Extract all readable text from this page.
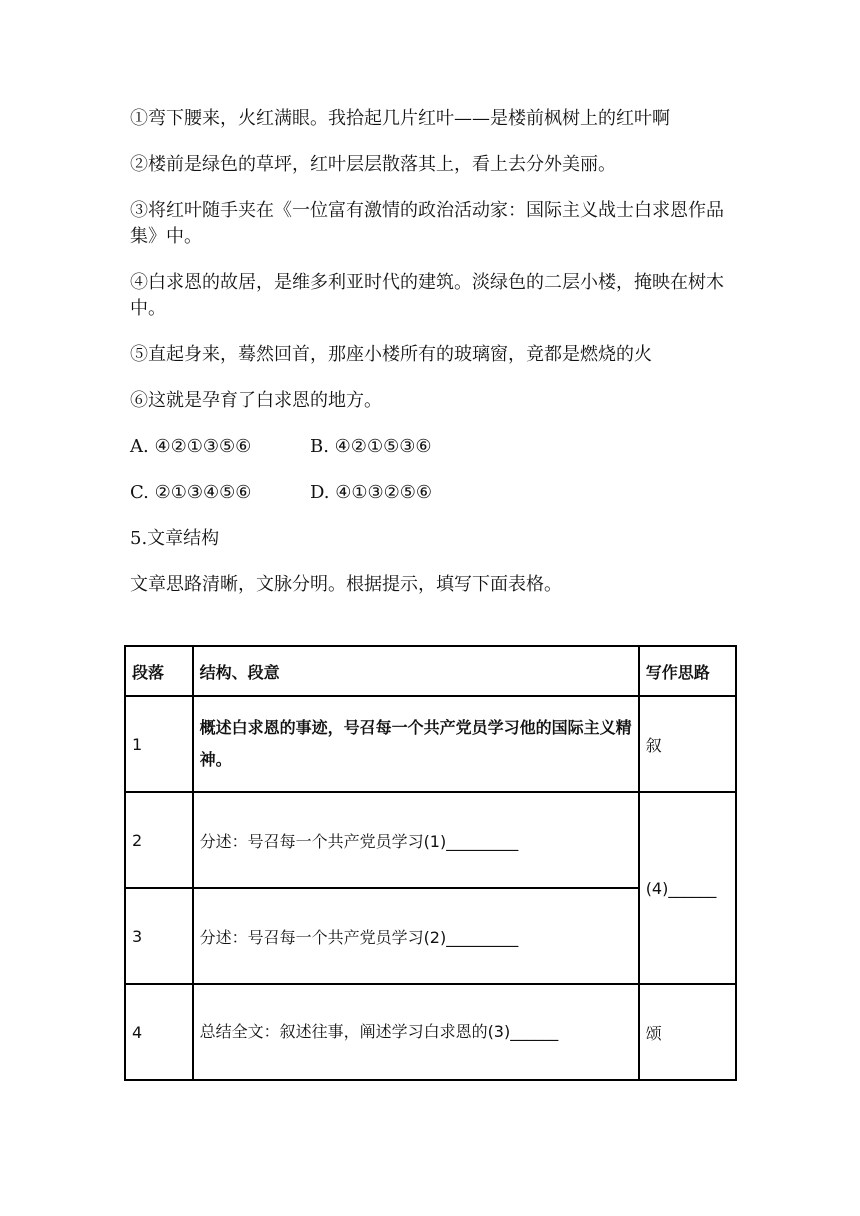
①弯下腰来，火红满眼。我拾起几片红叶——是楼前枫树上的红叶啊
②楼前是绿色的草坪，红叶层层散落其上，看上去分外美丽。
③将红叶随手夹在《一位富有激情的政治活动家：国际主义战士白求恩作品集》中。
④白求恩的故居，是维多利亚时代的建筑。淡绿色的二层小楼，掩映在树木中。
⑤直起身来，蓦然回首，那座小楼所有的玻璃窗，竟都是燃烧的火
⑥这就是孕育了白求恩的地方。
A. ④②①③⑤⑥	B. ④②①⑤③⑥
C. ②①③④⑤⑥	D. ④①③②⑤⑥
5.文章结构
文章思路清晰，文脉分明。根据提示，填写下面表格。
段落	结构、段意	写作思路
1	概述白求恩的事迹，号召每一个共产党员学习他的国际主义精神。	叙
2	分述：号召每一个共产党员学习(1)_________	(4)______
3	分述：号召每一个共产党员学习(2)_________	
4	总结全文：叙述往事，阐述学习白求恩的(3)______	颂
